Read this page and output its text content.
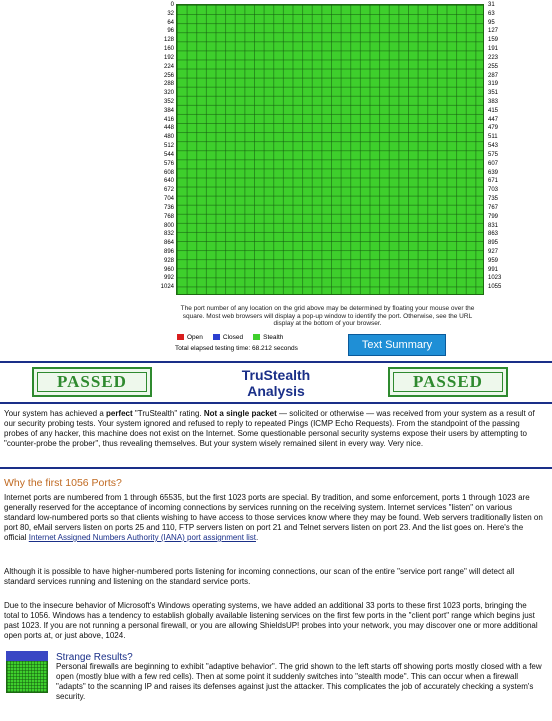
0
32
64
96
128
160
192
224
256
288
320
352
384
416
448
480
512
544
576
608
640
672
704
736
768
800
832
864
896
928
960
992
1024
31
63
95
127
159
191
223
255
287
319
351
383
415
447
479
511
543
575
607
639
671
703
735
767
799
831
863
895
927
959
991
1023
1055
The port number of any location on the grid above may be determined by floating your mouse over the square. Most web browsers will display a pop-up window to identify the port. Otherwise, see the URL display at the bottom of your browser.
Open	Closed	Stealth
Total elapsed testing time: 68.212 seconds	Text Summary
PASSED	TruStealth
Analysis	PASSED
Your system has achieved a perfect "TruStealth" rating. Not a single packet — solicited or otherwise — was received from your system as a result of our security probing tests. Your system ignored and refused to reply to repeated Pings (ICMP Echo Requests). From the standpoint of the passing probes of any hacker, this machine does not exist on the Internet. Some questionable personal security systems expose their users by attempting to "counter-probe the prober", thus revealing themselves. But your system wisely remained silent in every way. Very nice.
Why the first 1056 Ports?
Internet ports are numbered from 1 through 65535, but the first 1023 ports are special. By tradition, and some enforcement, ports 1 through 1023 are generally reserved for the acceptance of incoming connections by services running on the receiving system. Internet services "listen" on various standard low-numbered ports so that clients wishing to have access to those services know where they may be found. Web servers traditionally listen on port 80, eMail servers listen on ports 25 and 110, FTP servers listen on port 21 and Telnet servers listen on port 23. And the list goes on. Here's the official Internet Assigned Numbers Authority (IANA) port assignment list.
Although it is possible to have higher-numbered ports listening for incoming connections, our scan of the entire "service port range" will detect all standard services running and listening on the standard service ports.
Due to the insecure behavior of Microsoft's Windows operating systems, we have added an additional 33 ports to these first 1023 ports, bringing the total to 1056. Windows has a tendency to establish globally available listening services on the first few ports in the "client port" range which begins just past 1023. If you are not running a personal firewall, or you are allowing ShieldsUP! probes into your network, you may discover one or more additional open ports at, or just above, 1024.
Strange Results?
Personal firewalls are beginning to exhibit "adaptive behavior". The grid shown to the left starts off showing ports mostly closed with a few open (mostly blue with a few red cells). Then at some point it suddenly switches into "stealth mode". This can occur when a firewall "adapts" to the scanning IP and raises its defenses against just the attacker. This complicates the job of accurately checking a system's security.
